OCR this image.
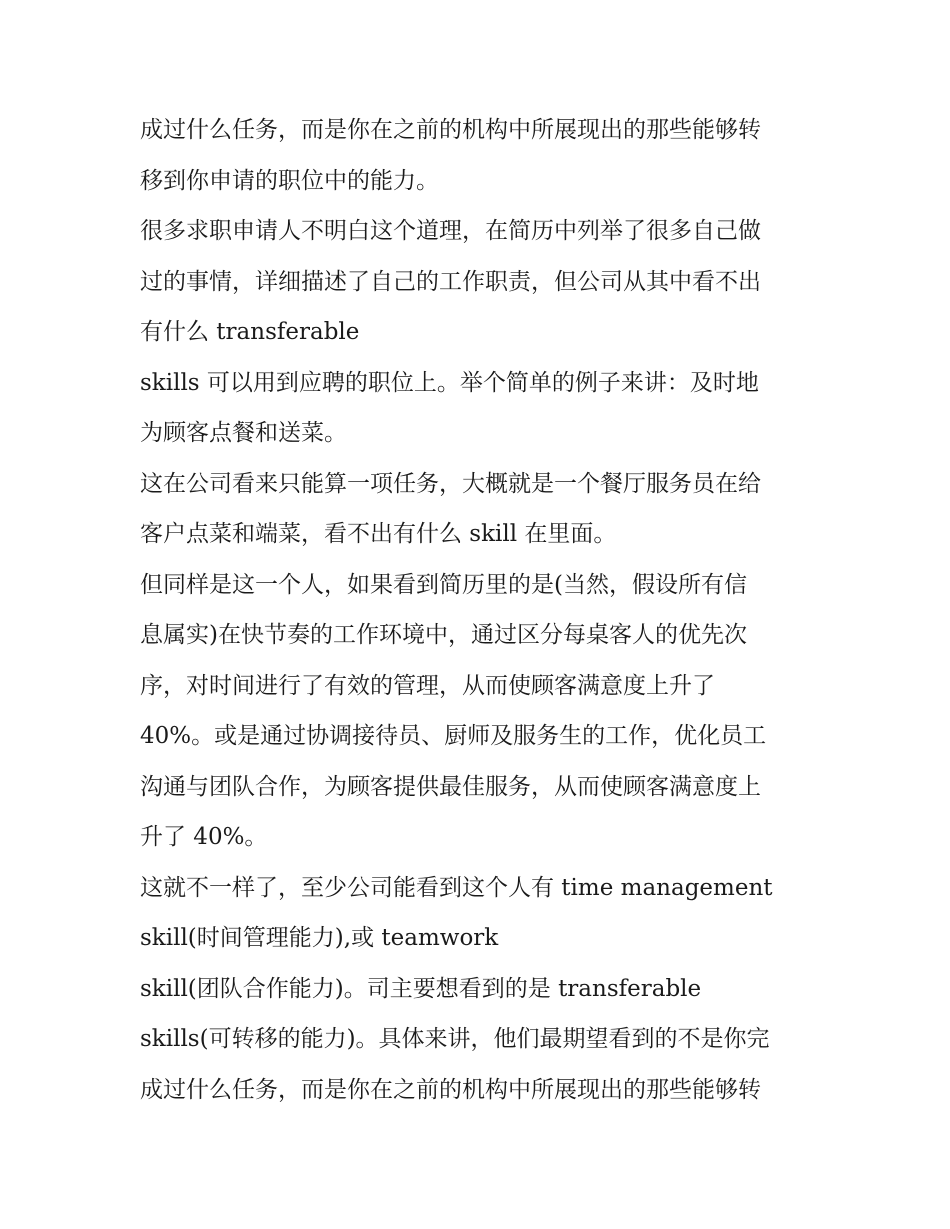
成过什么任务，而是你在之前的机构中所展现出的那些能够转
移到你申请的职位中的能力。
很多求职申请人不明白这个道理，在简历中列举了很多自己做
过的事情，详细描述了自己的工作职责，但公司从其中看不出
有什么 transferable
skills 可以用到应聘的职位上。举个简单的例子来讲：及时地
为顾客点餐和送菜。
这在公司看来只能算一项任务，大概就是一个餐厅服务员在给
客户点菜和端菜，看不出有什么 skill 在里面。
但同样是这一个人，如果看到简历里的是(当然，假设所有信
息属实)在快节奏的工作环境中，通过区分每桌客人的优先次
序，对时间进行了有效的管理，从而使顾客满意度上升了
40%。或是通过协调接待员、厨师及服务生的工作，优化员工
沟通与团队合作，为顾客提供最佳服务，从而使顾客满意度上
升了 40%。
这就不一样了，至少公司能看到这个人有 time management
skill(时间管理能力),或 teamwork
skill(团队合作能力)。司主要想看到的是 transferable
skills(可转移的能力)。具体来讲，他们最期望看到的不是你完
成过什么任务，而是你在之前的机构中所展现出的那些能够转
